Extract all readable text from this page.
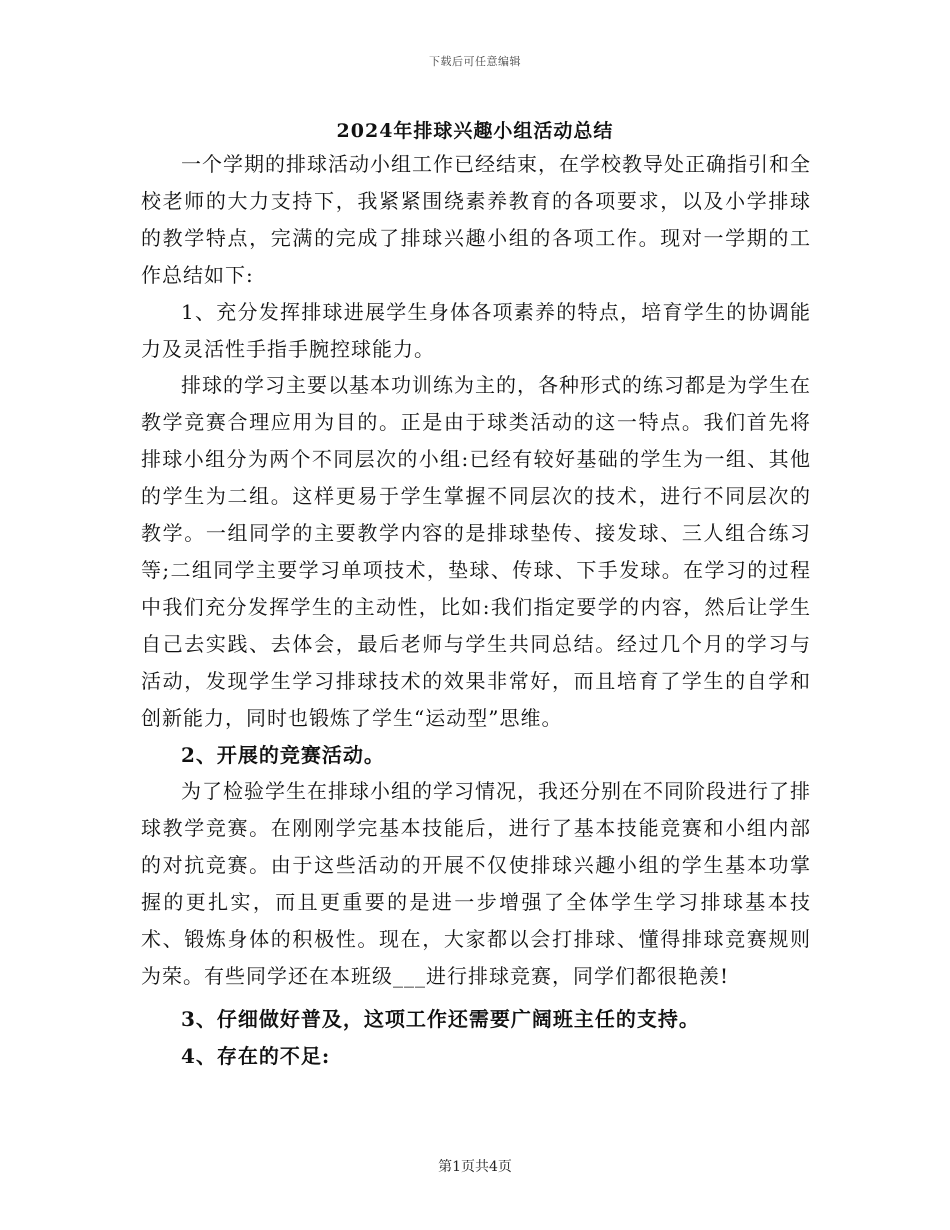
下载后可任意编辑
2024年排球兴趣小组活动总结

一个学期的排球活动小组工作已经结束，在学校教导处正确指引和全校老师的大力支持下，我紧紧围绕素养教育的各项要求，以及小学排球的教学特点，完满的完成了排球兴趣小组的各项工作。现对一学期的工作总结如下:

1、充分发挥排球进展学生身体各项素养的特点，培育学生的协调能力及灵活性手指手腕控球能力。

排球的学习主要以基本功训练为主的，各种形式的练习都是为学生在教学竞赛合理应用为目的。正是由于球类活动的这一特点。我们首先将排球小组分为两个不同层次的小组:已经有较好基础的学生为一组、其他的学生为二组。这样更易于学生掌握不同层次的技术，进行不同层次的教学。一组同学的主要教学内容的是排球垫传、接发球、三人组合练习等;二组同学主要学习单项技术，垫球、传球、下手发球。在学习的过程中我们充分发挥学生的主动性，比如:我们指定要学的内容，然后让学生自己去实践、去体会，最后老师与学生共同总结。经过几个月的学习与活动，发现学生学习排球技术的效果非常好，而且培育了学生的自学和创新能力，同时也锻炼了学生“运动型”思维。

2、开展的竞赛活动。

为了检验学生在排球小组的学习情况，我还分别在不同阶段进行了排球教学竞赛。在刚刚学完基本技能后，进行了基本技能竞赛和小组内部的对抗竞赛。由于这些活动的开展不仅使排球兴趣小组的学生基本功掌握的更扎实，而且更重要的是进一步增强了全体学生学习排球基本技术、锻炼身体的积极性。现在，大家都以会打排球、懂得排球竞赛规则为荣。有些同学还在本班级___进行排球竞赛，同学们都很艳羡!

3、仔细做好普及，这项工作还需要广阔班主任的支持。

4、存在的不足:

第1页共4页
